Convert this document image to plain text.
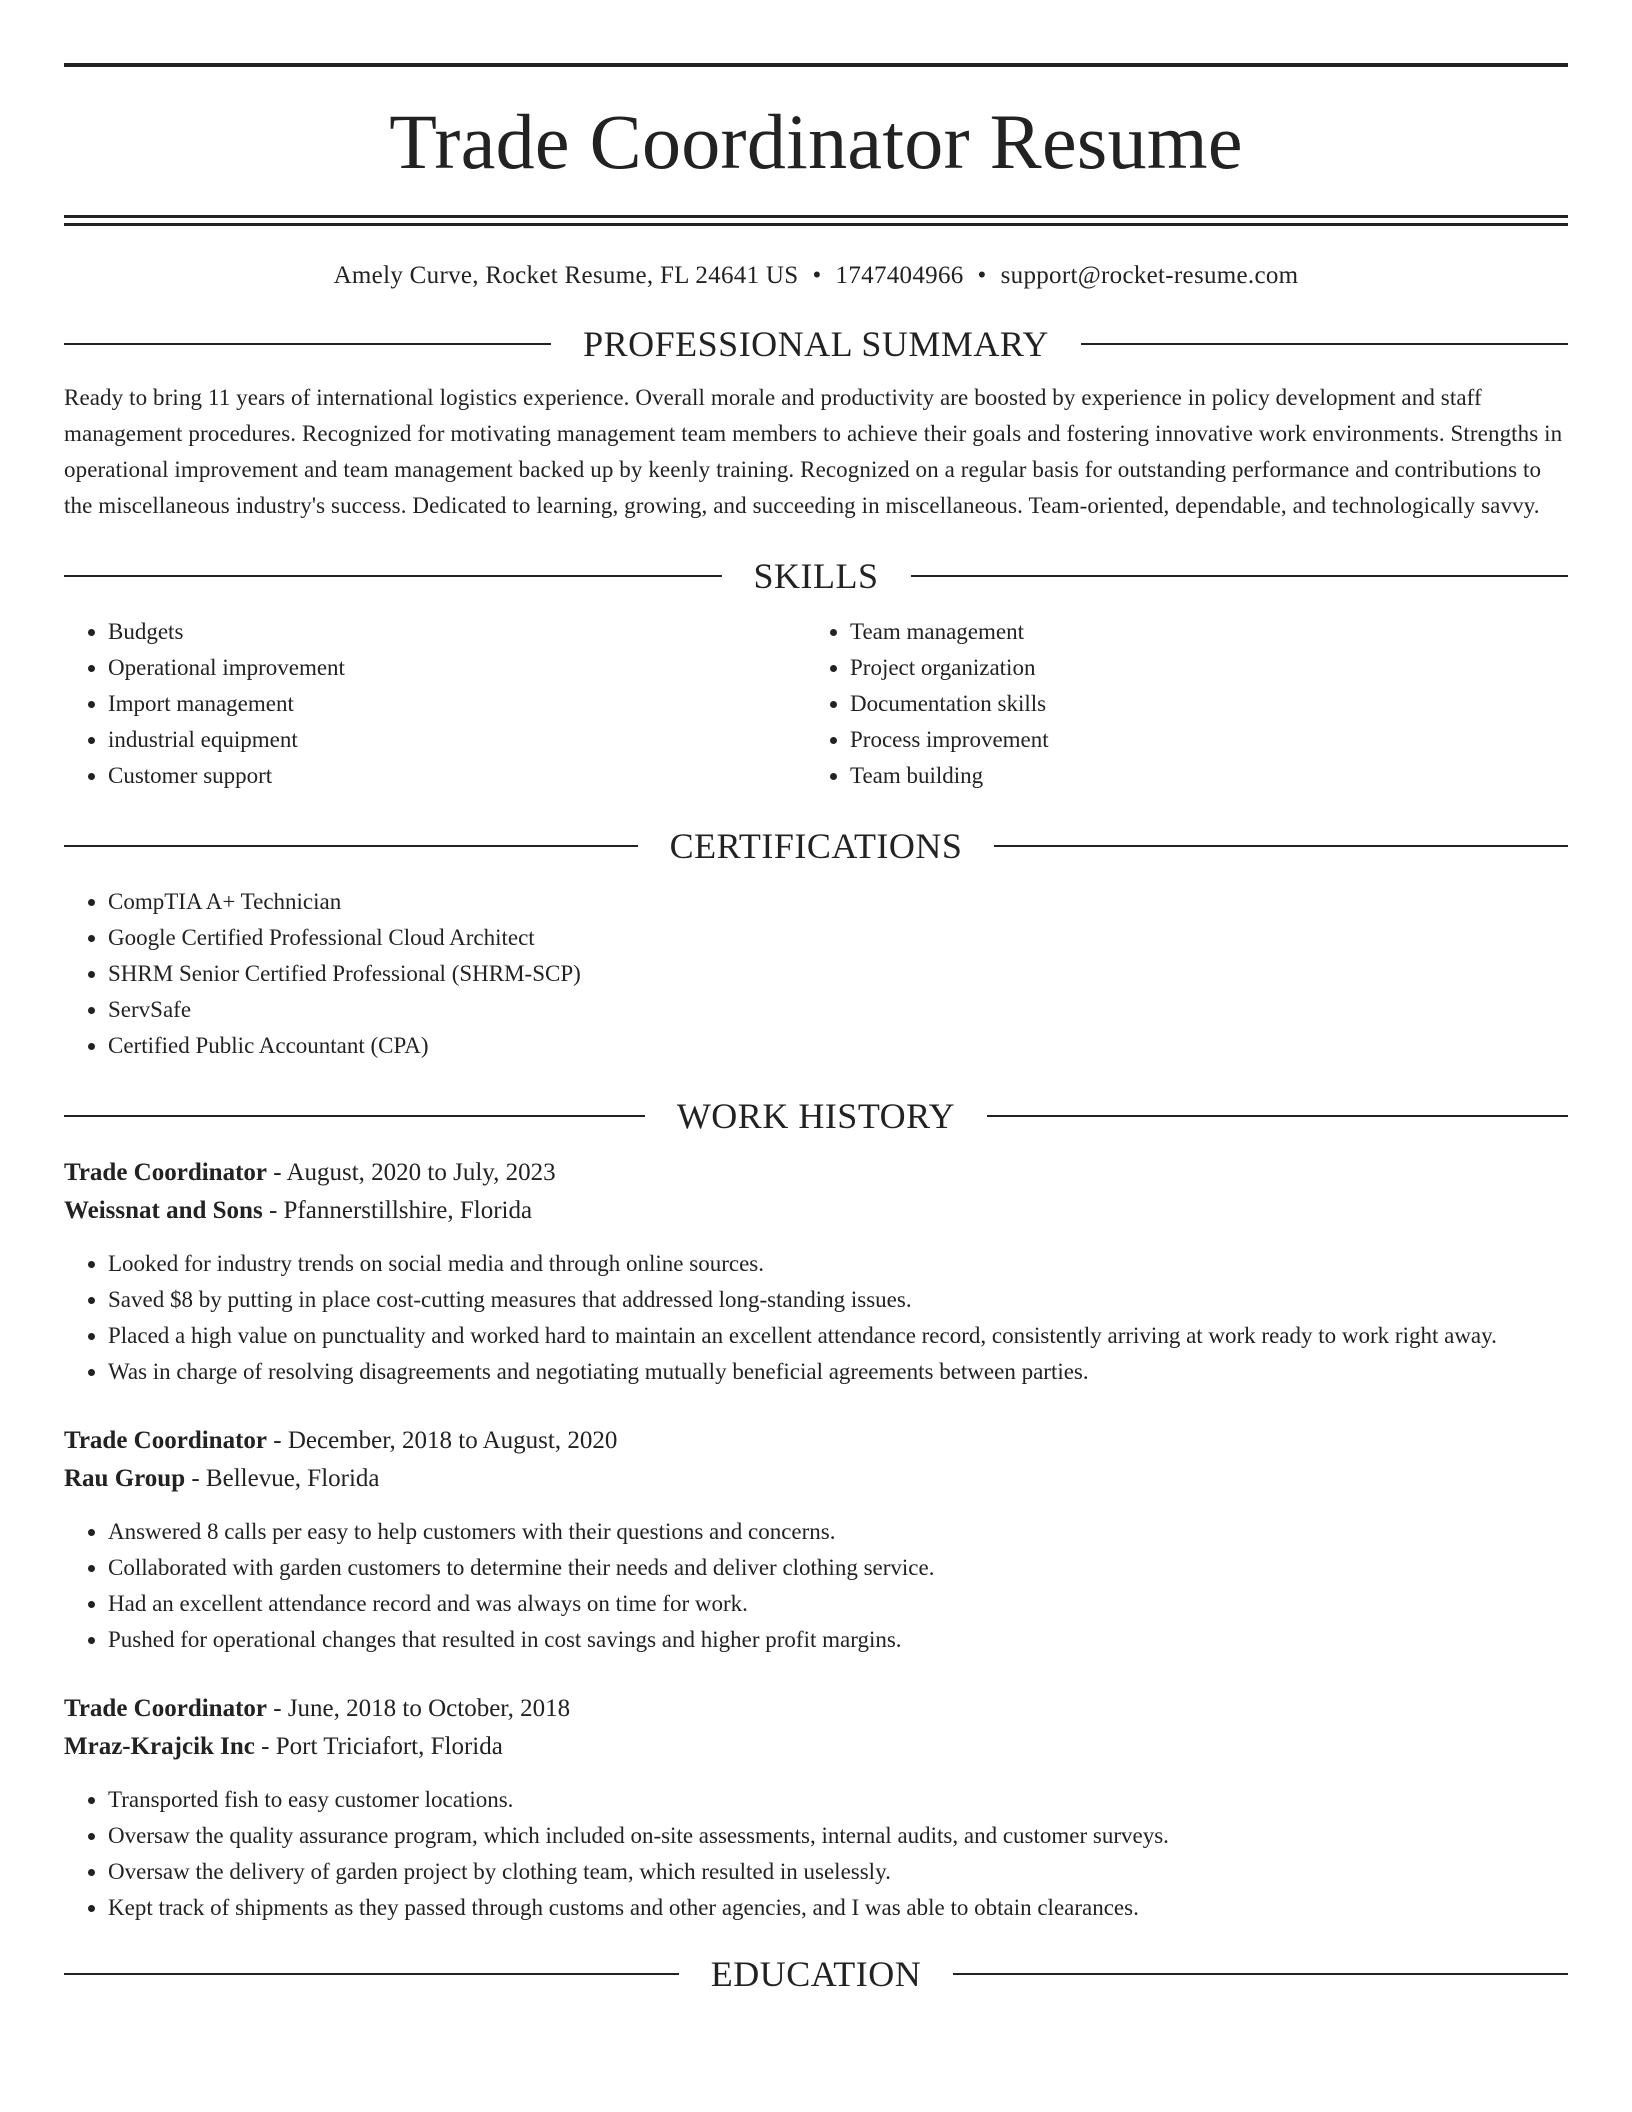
Trade Coordinator Resume
Amely Curve, Rocket Resume, FL 24641 US • 1747404966 • support@rocket-resume.com
PROFESSIONAL SUMMARY
Ready to bring 11 years of international logistics experience. Overall morale and productivity are boosted by experience in policy development and staff management procedures. Recognized for motivating management team members to achieve their goals and fostering innovative work environments. Strengths in operational improvement and team management backed up by keenly training. Recognized on a regular basis for outstanding performance and contributions to the miscellaneous industry's success. Dedicated to learning, growing, and succeeding in miscellaneous. Team-oriented, dependable, and technologically savvy.
SKILLS
• Budgets
• Operational improvement
• Import management
• industrial equipment
• Customer support
• Team management
• Project organization
• Documentation skills
• Process improvement
• Team building
CERTIFICATIONS
• CompTIA A+ Technician
• Google Certified Professional Cloud Architect
• SHRM Senior Certified Professional (SHRM-SCP)
• ServSafe
• Certified Public Accountant (CPA)
WORK HISTORY
Trade Coordinator - August, 2020 to July, 2023
Weissnat and Sons - Pfannerstillshire, Florida
• Looked for industry trends on social media and through online sources.
• Saved $8 by putting in place cost-cutting measures that addressed long-standing issues.
• Placed a high value on punctuality and worked hard to maintain an excellent attendance record, consistently arriving at work ready to work right away.
• Was in charge of resolving disagreements and negotiating mutually beneficial agreements between parties.
Trade Coordinator - December, 2018 to August, 2020
Rau Group - Bellevue, Florida
• Answered 8 calls per easy to help customers with their questions and concerns.
• Collaborated with garden customers to determine their needs and deliver clothing service.
• Had an excellent attendance record and was always on time for work.
• Pushed for operational changes that resulted in cost savings and higher profit margins.
Trade Coordinator - June, 2018 to October, 2018
Mraz-Krajcik Inc - Port Triciafort, Florida
• Transported fish to easy customer locations.
• Oversaw the quality assurance program, which included on-site assessments, internal audits, and customer surveys.
• Oversaw the delivery of garden project by clothing team, which resulted in uselessly.
• Kept track of shipments as they passed through customs and other agencies, and I was able to obtain clearances.
EDUCATION
